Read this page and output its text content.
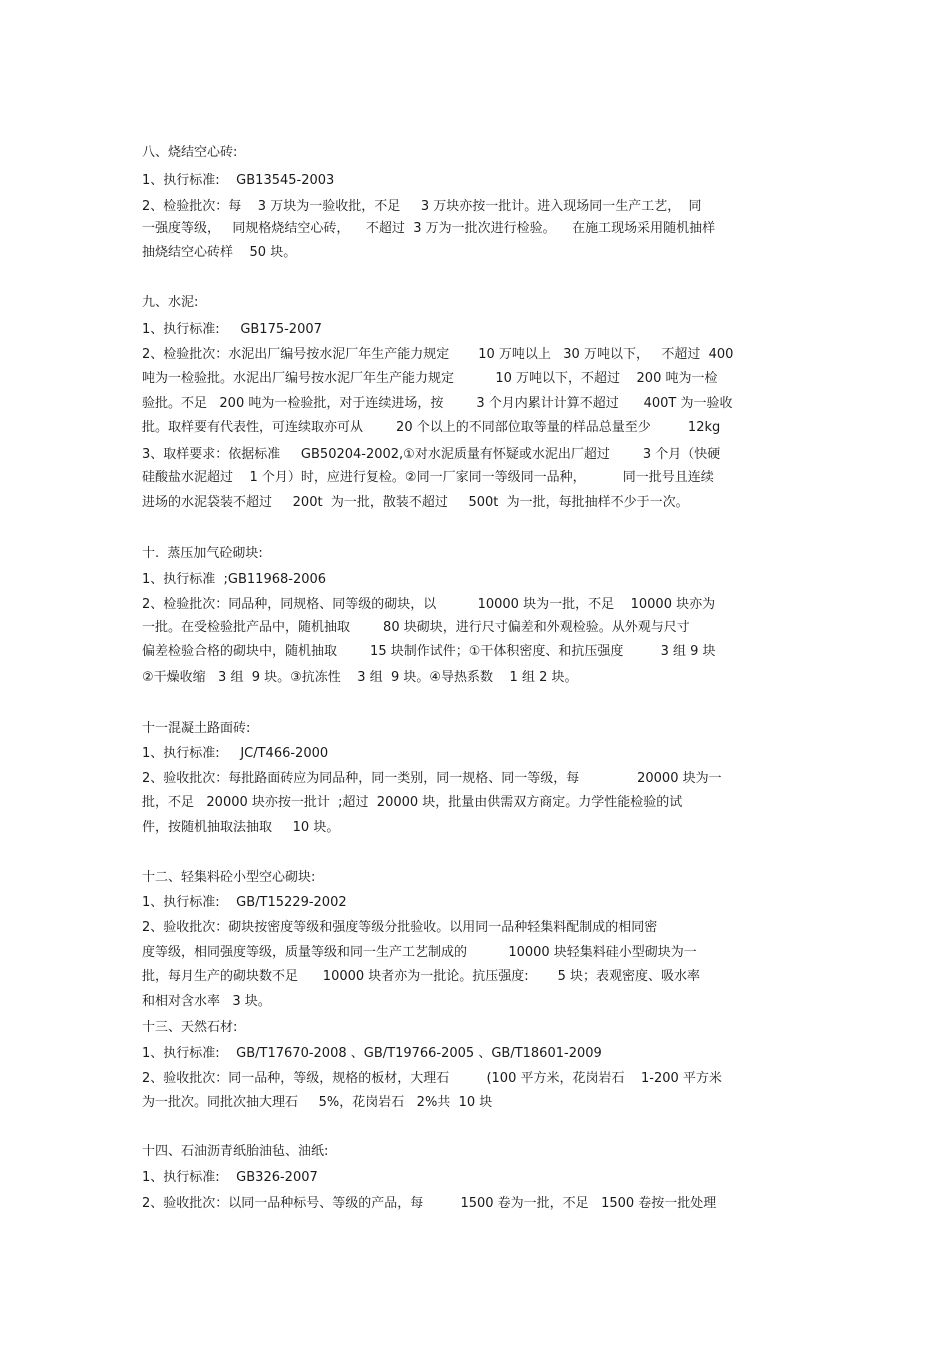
八、烧结空心砖:
1、执行标准:    GB13545-2003
2、检验批次：每    3 万块为一验收批，不足     3 万块亦按一批计。进入现场同一生产工艺，  同
一强度等级，   同规格烧结空心砖，    不超过  3 万为一批次进行检验。    在施工现场采用随机抽样
抽烧结空心砖样    50 块。
九、水泥:
1、执行标准:     GB175-2007
2、检验批次：水泥出厂编号按水泥厂年生产能力规定       10 万吨以上   30 万吨以下，   不超过  400
吨为一检验批。水泥出厂编号按水泥厂年生产能力规定          10 万吨以下，不超过    200 吨为一检
验批。不足   200 吨为一检验批，对于连续进场，按        3 个月内累计计算不超过      400T 为一验收
批。取样要有代表性，可连续取亦可从        20 个以上的不同部位取等量的样品总量至少         12kg
3、取样要求：依据标准     GB50204-2002,①对水泥质量有怀疑或水泥出厂超过        3 个月（快硬
硅酸盐水泥超过    1 个月）时，应进行复检。②同一厂家同一等级同一品种，         同一批号且连续
进场的水泥袋装不超过     200t  为一批，散装不超过     500t  为一批，每批抽样不少于一次。
十.  蒸压加气砼砌块:
1、执行标准  ;GB11968-2006
2、检验批次：同品种，同规格、同等级的砌块，以          10000 块为一批，不足    10000 块亦为
一批。在受检验批产品中，随机抽取        80 块砌块，进行尺寸偏差和外观检验。从外观与尺寸
偏差检验合格的砌块中，随机抽取        15 块制作试件；①干体积密度、和抗压强度         3 组 9 块
②干燥收缩   3 组  9 块。③抗冻性    3 组  9 块。④导热系数    1 组 2 块。
十一混凝土路面砖:
1、执行标准:     JC/T466-2000
2、验收批次：每批路面砖应为同品种，同一类别，同一规格、同一等级，每              20000 块为一
批，不足   20000 块亦按一批计  ;超过  20000 块，批量由供需双方商定。力学性能检验的试
件，按随机抽取法抽取     10 块。
十二、轻集料砼小型空心砌块:
1、执行标准:    GB/T15229-2002
2、验收批次：砌块按密度等级和强度等级分批验收。以用同一品种轻集料配制成的相同密
度等级，相同强度等级，质量等级和同一生产工艺制成的          10000 块轻集料硅小型砌块为一
批，每月生产的砌块数不足      10000 块者亦为一批论。抗压强度:       5 块；表观密度、吸水率
和相对含水率   3 块。
十三、天然石材:
1、执行标准:    GB/T17670-2008 、GB/T19766-2005 、GB/T18601-2009
2、验收批次：同一品种，等级，规格的板材，大理石         (100 平方米，花岗岩石    1-200 平方米
为一批次。同批次抽大理石     5%，花岗岩石   2%共  10 块
十四、石油沥青纸胎油毡、油纸:
1、执行标准:    GB326-2007
2、验收批次：以同一品种标号、等级的产品，每         1500 卷为一批，不足   1500 卷按一批处理
